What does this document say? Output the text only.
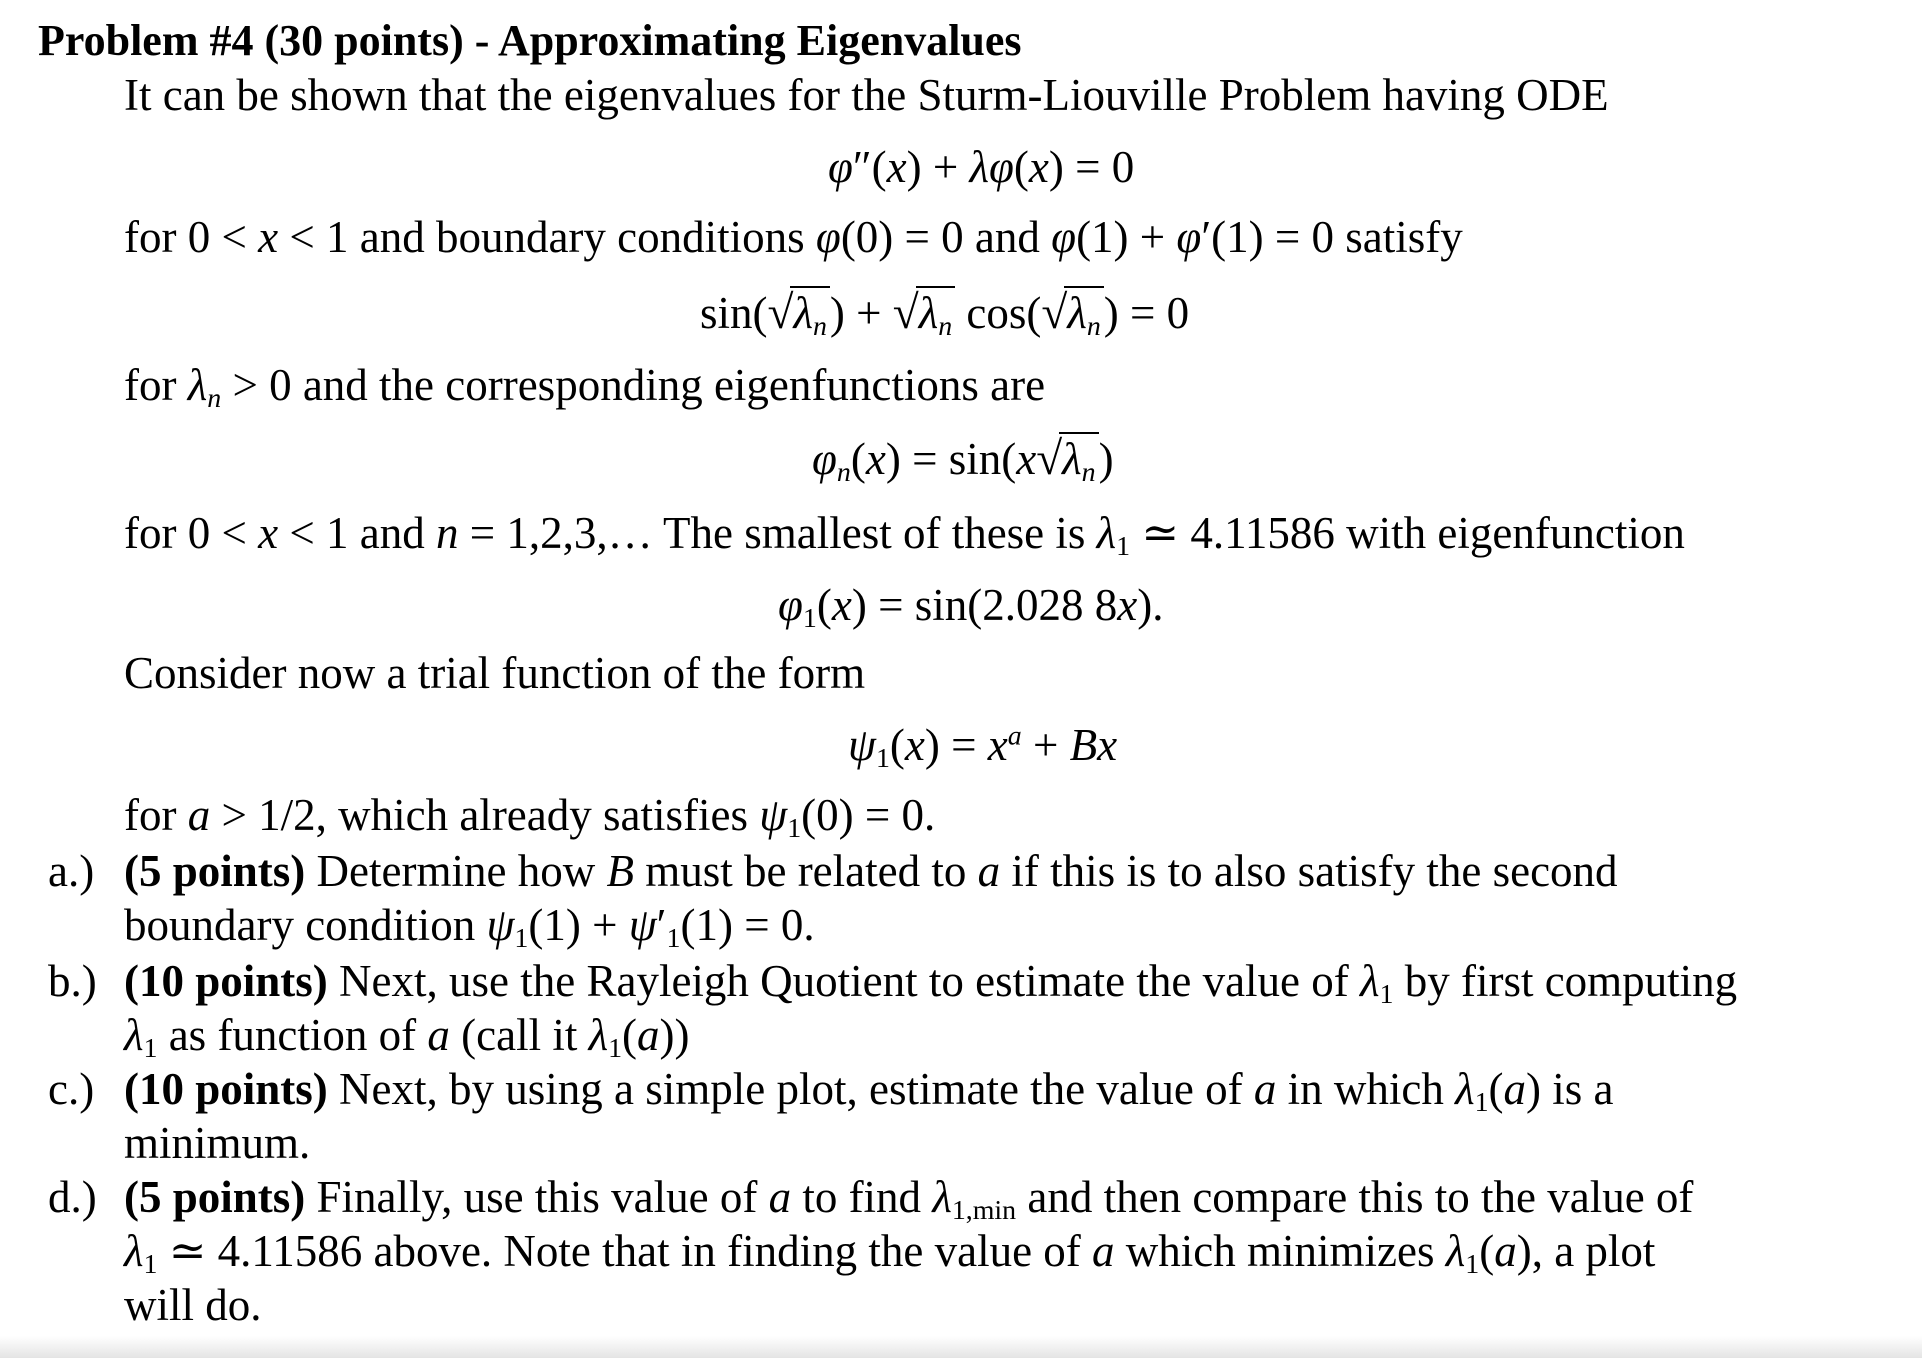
Problem #4 (30 points) - Approximating Eigenvalues
It can be shown that the eigenvalues for the Sturm-Liouville Problem having ODE
φ″(x) + λφ(x) = 0
for 0 < x < 1 and boundary conditions φ(0) = 0 and φ(1) + φ′(1) = 0 satisfy
$\sin(√\lambda_n) + √\lambda_n$ $\cos(√\lambda_n) = 0$
for $\lambda_n > 0$ and the corresponding eigenfunctions are
$\varphi_n(x) = \sin(x√\lambda_n)$
for 0 < x < 1 and n = 1,2,3,… The smallest of these is $\lambda_1$ ≃ 4.11586 with eigenfunction
$\varphi_1(x) = \sin(2.028$ 8x).
Consider now a trial function of the form
$\psi_1(x) = x^a + Bx$
for a > 1/2, which already satisfies $\psi_1(0) = 0$.
a.) (5 points) Determine how B must be related to a if this is to also satisfy the second
boundary condition $\psi_1(1) + \psi'_1(1) = 0$.
b.) (10 points) Next, use the Rayleigh Quotient to estimate the value of $\lambda_1$ by first computing
$\lambda_1$ as function of a (call it $\lambda_1(a)$)
c.) (10 points) Next, by using a simple plot, estimate the value of a in which $\lambda_1(a)$ is a
minimum.
d.) (5 points) Finally, use this value of a to find $\lambda_{1,min}$ and then compare this to the value of
$\lambda_1$ ≃ 4.11586 above. Note that in finding the value of a which minimizes $\lambda_1(a)$, a plot
will do.
